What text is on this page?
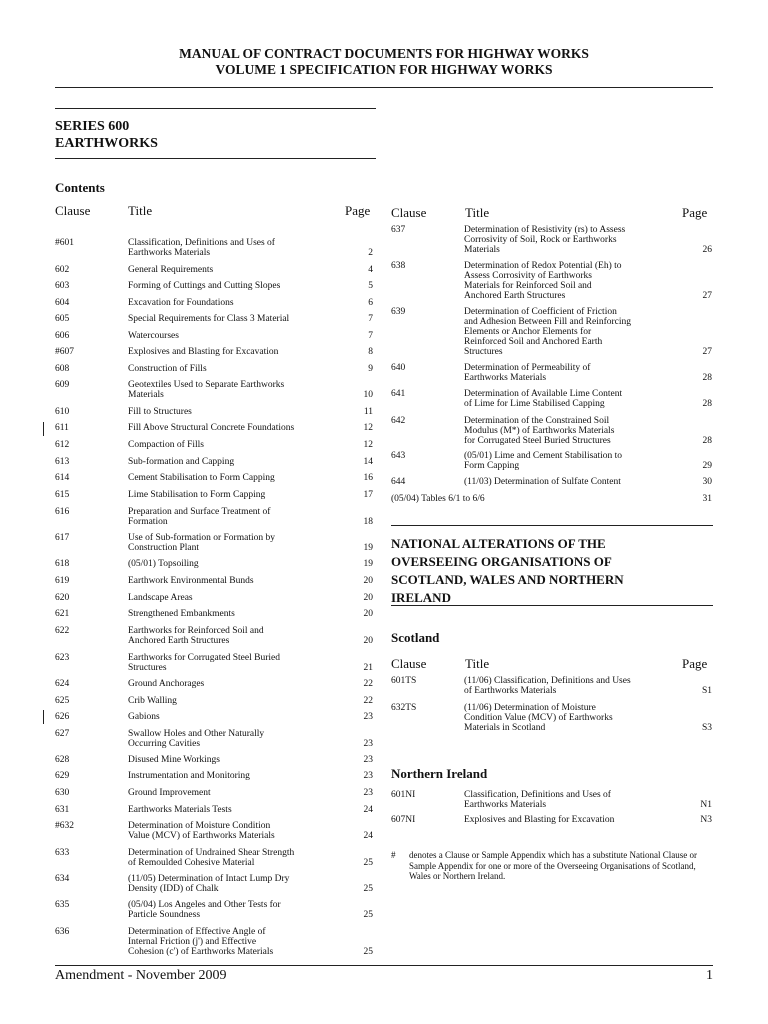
MANUAL OF CONTRACT DOCUMENTS FOR HIGHWAY WORKS
VOLUME 1 SPECIFICATION FOR HIGHWAY WORKS
SERIES 600
EARTHWORKS
Contents
Clause	Title	Page Clause	Title	Page
#601	Classification, Definitions and Uses of
Earthworks Materials	2
602	General Requirements	4
603	Forming of Cuttings and Cutting Slopes	5
604	Excavation for Foundations	6
605	Special Requirements for Class 3 Material	7
606	Watercourses	7
#607	Explosives and Blasting for Excavation	8
608	Construction of Fills	9
609	Geotextiles Used to Separate Earthworks
Materials	10
610	Fill to Structures	11
611	Fill Above Structural Concrete Foundations	12
612	Compaction of Fills	12
613	Sub-formation and Capping	14
614	Cement Stabilisation to Form Capping	16
615	Lime Stabilisation to Form Capping	17
616	Preparation and Surface Treatment of
Formation	18
617	Use of Sub-formation or Formation by
Construction Plant	19
618	(05/01) Topsoiling	19
619	Earthwork Environmental Bunds	20
620	Landscape Areas	20
621	Strengthened Embankments	20
622	Earthworks for Reinforced Soil and
Anchored Earth Structures	20
623	Earthworks for Corrugated Steel Buried
Structures	21
624	Ground Anchorages	22
625	Crib Walling	22
626	Gabions	23
627	Swallow Holes and Other Naturally
Occurring Cavities	23
628	Disused Mine Workings	23
629	Instrumentation and Monitoring	23
630	Ground Improvement	23
631	Earthworks Materials Tests	24
#632	Determination of Moisture Condition
Value (MCV) of Earthworks Materials	24
633	Determination of Undrained Shear Strength
of Remoulded Cohesive Material	25
634	(11/05) Determination of Intact Lump Dry
Density (IDD) of Chalk	25
635	(05/04) Los Angeles and Other Tests for
Particle Soundness	25
636	Determination of Effective Angle of
Internal Friction (j') and Effective
Cohesion (c') of Earthworks Materials	25
637	Determination of Resistivity (rs) to Assess
Corrosivity of Soil, Rock or Earthworks
Materials	26
638	Determination of Redox Potential (Eh) to
Assess Corrosivity of Earthworks
Materials for Reinforced Soil and
Anchored Earth Structures	27
639	Determination of Coefficient of Friction
and Adhesion Between Fill and Reinforcing
Elements or Anchor Elements for
Reinforced Soil and Anchored Earth
Structures	27
640	Determination of Permeability of
Earthworks Materials	28
641	Determination of Available Lime Content
of Lime for Lime Stabilised Capping	28
642	Determination of the Constrained Soil
Modulus (M*) of Earthworks Materials
for Corrugated Steel Buried Structures	28
643	(05/01) Lime and Cement Stabilisation to
Form Capping	29
644	(11/03) Determination of Sulfate Content	30
(05/04) Tables 6/1 to 6/6	31
NATIONAL ALTERATIONS OF THE
OVERSEEING ORGANISATIONS OF
SCOTLAND, WALES AND NORTHERN
IRELAND
Scotland
Clause	Title	Page
601TS	(11/06) Classification, Definitions and Uses
of Earthworks Materials	S1
632TS	(11/06) Determination of Moisture
Condition Value (MCV) of Earthworks
Materials in Scotland	S3
Northern Ireland
601NI	Classification, Definitions and Uses of
Earthworks Materials	N1
607NI	Explosives and Blasting for Excavation	N3
# denotes a Clause or Sample Appendix which has a substitute National Clause or Sample Appendix for one or more of the Overseeing Organisations of Scotland, Wales or Northern Ireland.
Amendment - November 2009	1
